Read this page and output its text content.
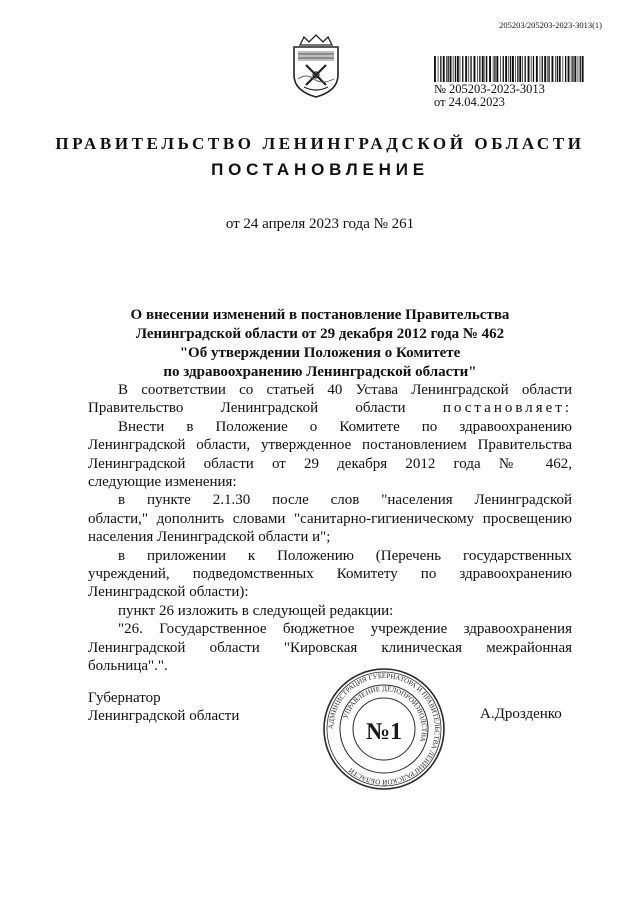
205203/205203-2023-3013(1)
№ 205203-2023-3013
от 24.04.2023
ПРАВИТЕЛЬСТВО ЛЕНИНГРАДСКОЙ ОБЛАСТИ
ПОСТАНОВЛЕНИЕ
от 24 апреля 2023 года № 261
О внесении изменений в постановление Правительства
Ленинградской области от 29 декабря 2012 года № 462
"Об утверждении Положения о Комитете
по здравоохранению Ленинградской области"

В соответствии со статьей 40 Устава Ленинградской области

Правительство Ленинградской области постановляет:

Внести в Положение о Комитете по здравоохранению

Ленинградской области, утвержденное постановлением Правительства

Ленинградской области от 29 декабря 2012 года № 462,

следующие изменения:

в пункте 2.1.30 после слов "населения Ленинградской

области," дополнить словами "санитарно-гигиеническому просвещению

населения Ленинградской области и";

в приложении к Положению (Перечень государственных

учреждений, подведомственных Комитету по здравоохранению

Ленинградской области):

пункт 26 изложить в следующей редакции:

"26. Государственное бюджетное учреждение здравоохранения

Ленинградской области "Кировская клиническая межрайонная

больница".".

Губернатор
Ленинградской области	А.Дрозденко
АДМИНИСТРАЦИЯ ГУБЕРНАТОРА И ПРАВИТЕЛЬСТВА ЛЕНИНГРАДСКОЙ ОБЛАСТИ
УПРАВЛЕНИЕ ДЕЛОПРОИЗВОДСТВА
№1
